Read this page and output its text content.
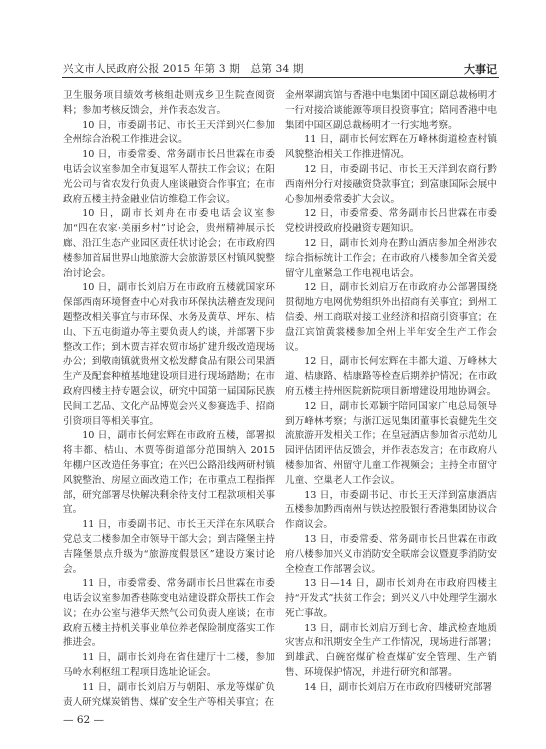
兴文市人民政府公报 2015 年第 3 期　总第 34 期	大事记

卫生服务项目绩效考核组赴则戎乡卫生院查阅资料；参加考核反馈会，并作表态发言。

10 日，市委副书记、市长王天洋到兴仁参加全州综合治税工作推进会议。

10 日，市委常委、常务副市长吕世霖在市委电话会议室参加全市复退军人帮扶工作会议；在阳光公司与省农发行负责人座谈融资合作事宜；在市政府五楼主持金融业信访维稳工作会议。

10 日，副市长刘舟在市委电话会议室参加“四在农家·美丽乡村”讨论会，贵州精神展示长廊、沿江生态产业园区责任状讨论会；在市政府四楼参加首届世界山地旅游大会旅游景区村镇风貌整治讨论会。

10 日，副市长刘启万在市政府五楼就国家环保部西南环境督查中心对我市环保执法稽查发现问题整改相关事宜与市环保、水务及黄草、坪东、桔山、下五屯街道办等主要负责人约谈，并部署下步整改工作；到木贾吉祥农贸市场扩建升级改造现场办公；到敬南镇就贵州文松发酵食品有限公司果酒生产及配套种植基地建设项目进行现场踏勘；在市政府四楼主持专题会议，研究中国第一届国际民族民间工艺品、文化产品博览会兴义参赛选手、招商引资项目等相关事宜。

10 日，副市长何宏辉在市政府五楼，部署拟将丰都、桔山、木贾等街道部分范围纳入 2015 年棚户区改造任务事宜；在兴巴公路沿线两研村镇风貌整治、房屋立面改造工作；在市重点工程指挥部，研究部署尽快解决剩余待支付工程款项相关事宜。

11 日，市委副书记、市长王天洋在东风联合党总支二楼参加全市领导干部大会；到吉隆堡主持吉隆堡景点升级为“旅游度假景区”建设方案讨论会。

11 日，市委常委、常务副市长吕世霖在市委电话会议室参加香巷陈变电站建设群众帮扶工作会议；在办公室与港华天然气公司负责人座谈；在市政府五楼主持机关事业单位养老保险制度落实工作推进会。

11 日，副市长刘舟在省住建厅十二楼，参加马岭水利枢纽工程项目选址论证会。

11 日，副市长刘启万与朝阳、承龙等煤矿负责人研究煤炭销售、煤矿安全生产等相关事宜；在

金州翠湖宾馆与香港中电集团中国区副总裁杨明才一行对接洽谈能源等项目投资事宜；陪同香港中电集团中国区副总裁杨明才一行实地考察。

11 日，副市长何宏辉在万峰林街道检查村镇风貌整治相关工作推进情况。

12 日，市委副书记、市长王天洋到农商行黔西南州分行对接融资贷款事宜；到富康国际会展中心参加州委常委扩大会议。

12 日，市委常委、常务副市长吕世霖在市委党校讲授政府投融资专题知识。

12 日，副市长刘舟在黔山酒店参加全州涉农综合指标统计工作会；在市政府八楼参加全省关爱留守儿童紧急工作电视电话会。

12 日，副市长刘启万在市政府办公部署围绕贯彻地方电网优势组织外出招商有关事宜；到州工信委、州工商联对接工业经济和招商引资事宜；在盘江宾馆黄裳楼参加全州上半年安全生产工作会议。

12 日，副市长何宏辉在丰都大道、万峰林大道、桔康路、桔康路等检查后期养护情况；在市政府五楼主持州医院新院项目新增建设用地协调会。

12 日，副市长邓颖宇陪同国家广电总局领导到万峰林考察；与浙江远见集团董事长袁健先生交流旅游开发相关工作；在皇冠酒店参加省示范幼儿园评估团评估反馈会，并作表态发言；在市政府八楼参加省、州留守儿童工作视频会；主持全市留守儿童、空巢老人工作会议。

13 日，市委副书记、市长王天洋到富康酒店五楼参加黔西南州与铁达控股银行香港集团协议合作商议会。

13 日，市委常委、常务副市长吕世霖在市政府八楼参加兴义市消防安全联席会议暨夏季消防安全检查工作部署会议。

13 日—14 日，副市长刘舟在市政府四楼主持“开发式”扶贫工作会；到兴义八中处理学生溺水死亡事故。

13 日，副市长刘启万到七舍、雄武检查地质灾害点和汛期安全生产工作情况，现场进行部署；到雄武、白碗窑煤矿检查煤矿安全管理、生产销售、环境保护情况，并进行研究和部署。

14 日，副市长刘启万在市政府四楼研究部署

— 62 —
